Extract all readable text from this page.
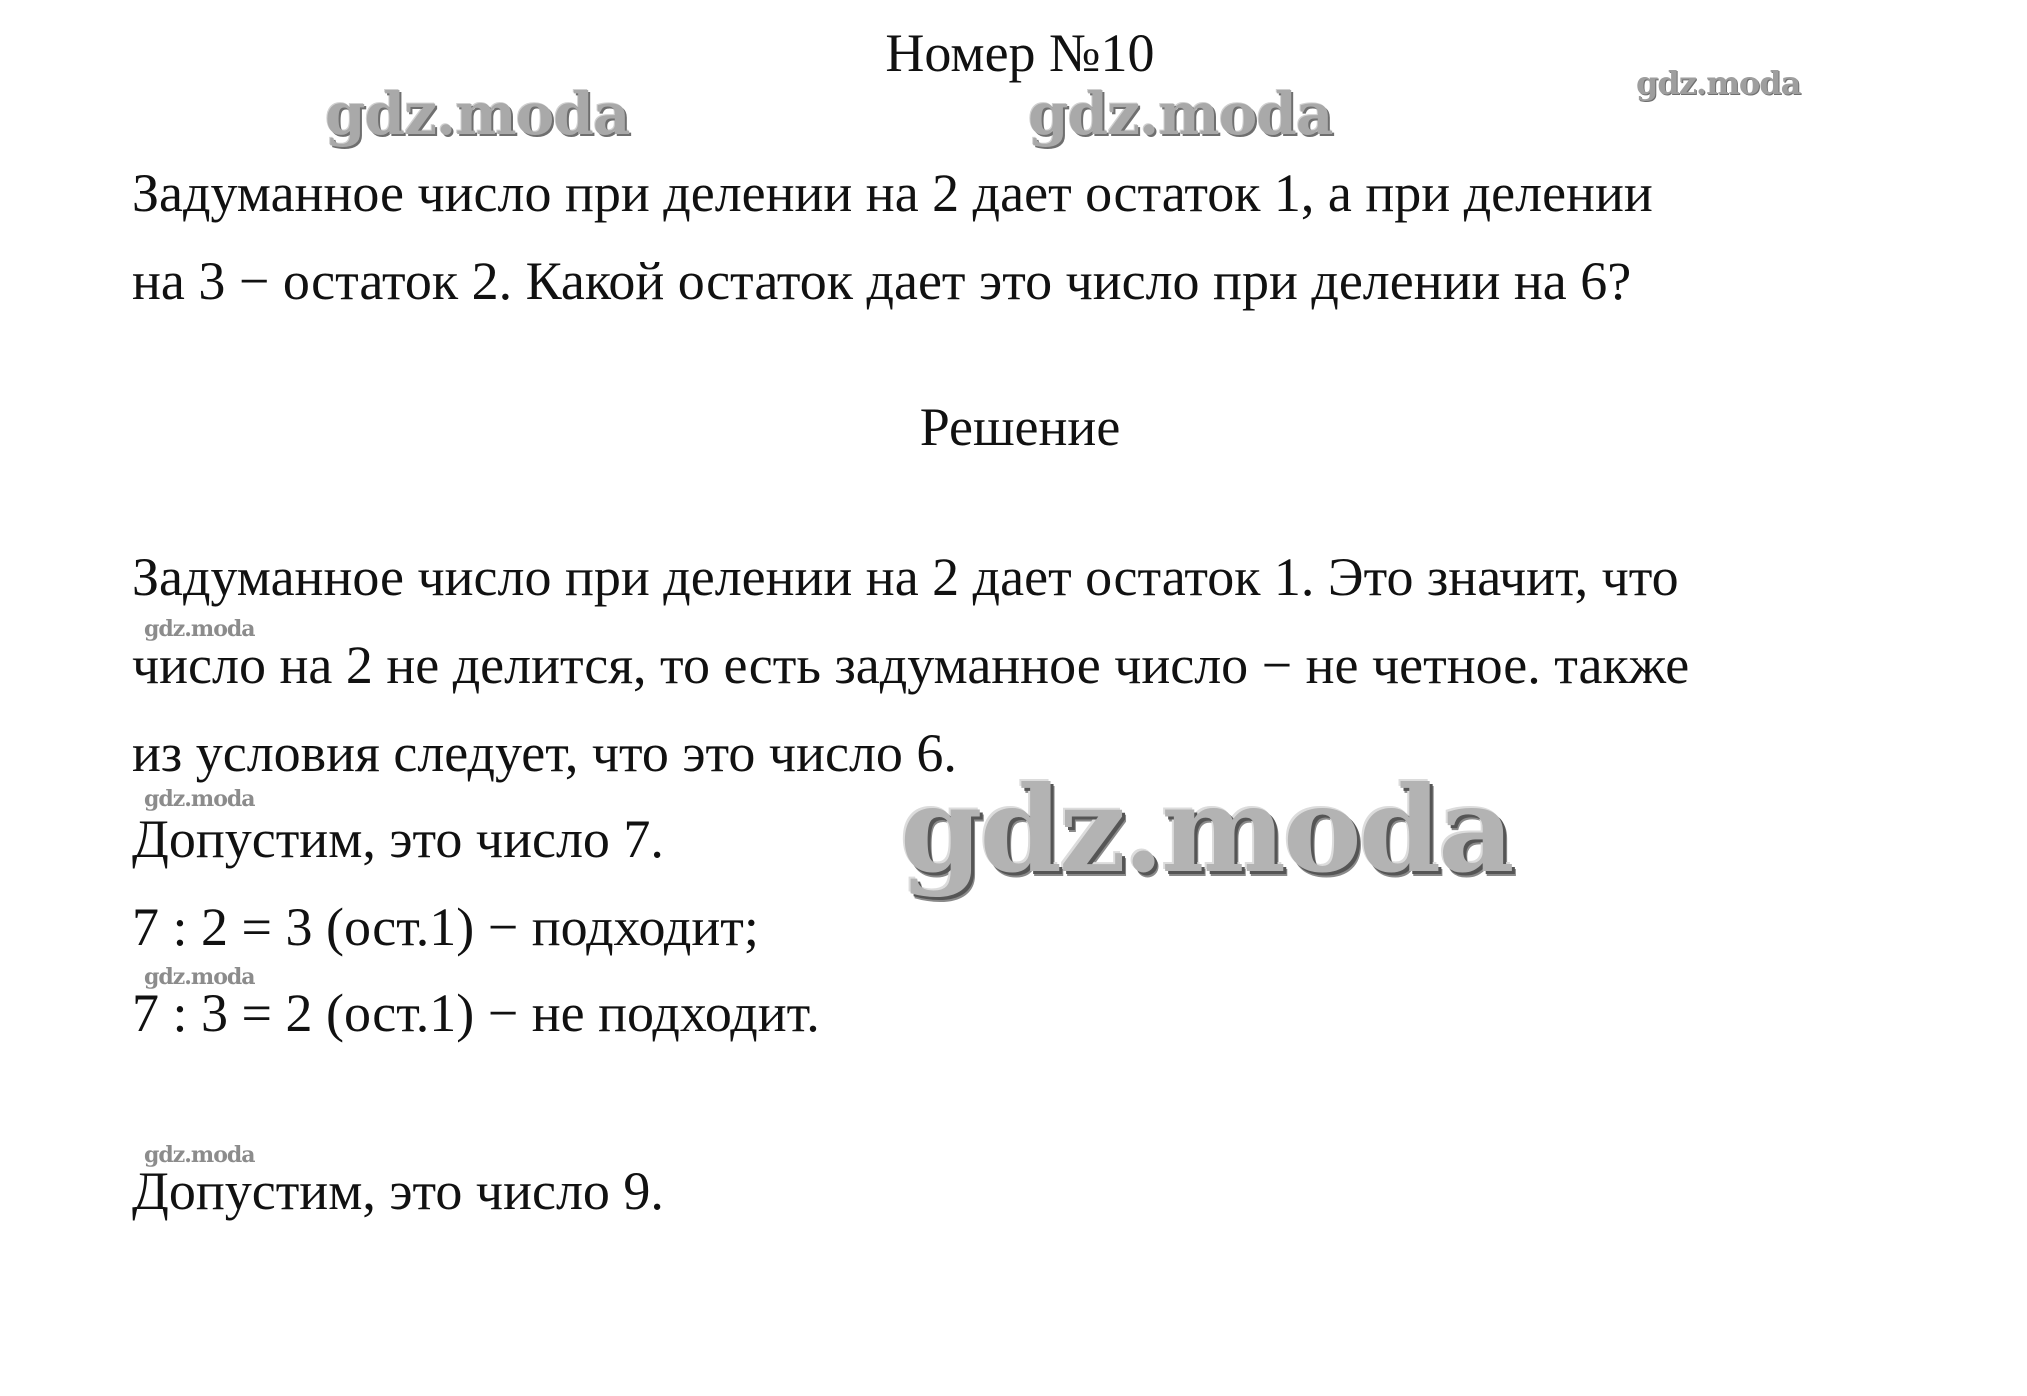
Номер №10
gdz.moda	gdz.moda	gdz.moda
gdz.moda
gdz.moda
gdz.moda
gdz.moda
gdz.moda
Задуманное число при делении на 2 дает остаток 1, а при делении
на 3 − остаток 2. Какой остаток дает это число при делении на 6?
Решение
Задуманное число при делении на 2 дает остаток 1. Это значит, что
число на 2 не делится, то есть задуманное число − не четное. также
из условия следует, что это число 6.
Допустим, это число 7.
7 : 2 = 3 (ост.1) − подходит;
7 : 3 = 2 (ост.1) − не подходит.
Допустим, это число 9.
